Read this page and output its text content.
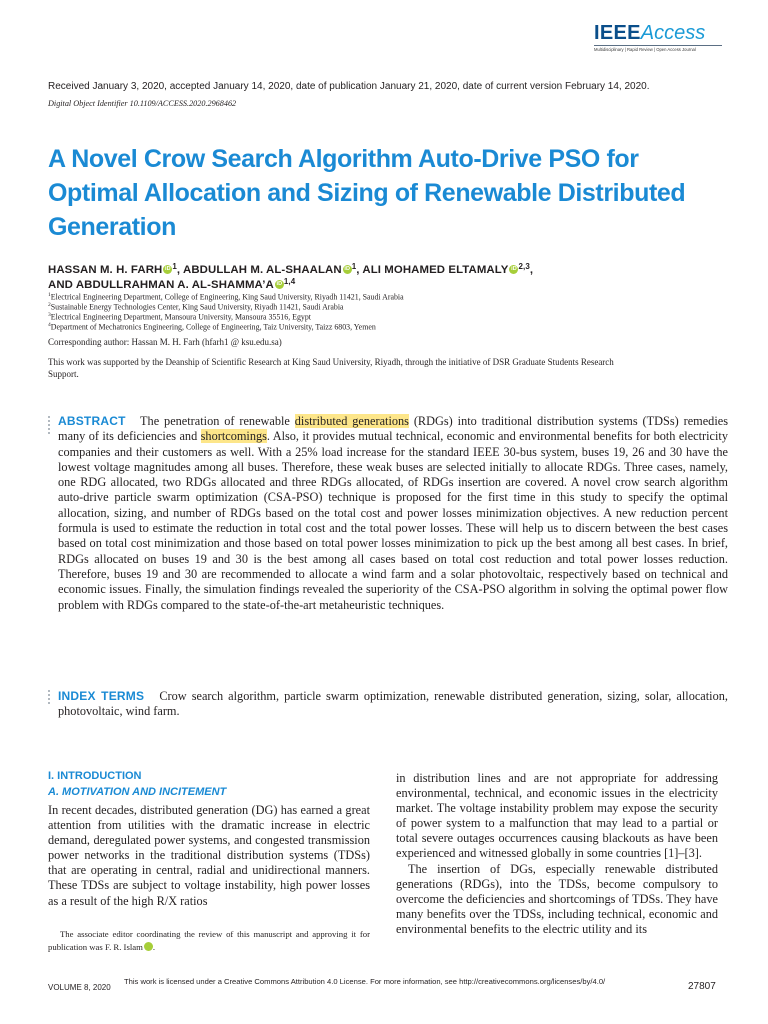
IEEEAccess
Multidisciplinary | Rapid Review | Open Access Journal
Received January 3, 2020, accepted January 14, 2020, date of publication January 21, 2020, date of current version February 14, 2020.
Digital Object Identifier 10.1109/ACCESS.2020.2968462
A Novel Crow Search Algorithm Auto-Drive PSO for Optimal Allocation and Sizing of Renewable Distributed Generation
HASSAN M. H. FARH iD $^1$, ABDULLAH M. AL-SHAALAN iD $^1$, ALI MOHAMED ELTAMALY iD $^{2,3}$,
AND ABDULLRAHMAN A. AL-SHAMMA’A iD $^{1,4}$
$^1$Electrical Engineering Department, College of Engineering, King Saud University, Riyadh 11421, Saudi Arabia
$^2$Sustainable Energy Technologies Center, King Saud University, Riyadh 11421, Saudi Arabia
$^3$Electrical Engineering Department, Mansoura University, Mansoura 35516, Egypt
$^4$Department of Mechatronics Engineering, College of Engineering, Taiz University, Taizz 6803, Yemen
Corresponding author: Hassan M. H. Farh (hfarh1 @ ksu.edu.sa)
This work was supported by the Deanship of Scientific Research at King Saud University, Riyadh, through the initiative of DSR Graduate Students Research Support.

ABSTRACT The penetration of renewable distributed generations (RDGs) into traditional distribution systems (TDSs) remedies many of its deficiencies and shortcomings. Also, it provides mutual technical, economic and environmental benefits for both electricity companies and their customers as well. With a 25% load increase for the standard IEEE 30-bus system, buses 19, 26 and 30 have the lowest voltage magnitudes among all buses. Therefore, these weak buses are selected initially to allocate RDGs. Three cases, namely, one RDG allocated, two RDGs allocated and three RDGs allocated, of RDGs insertion are covered. A novel crow search algorithm auto-drive particle swarm optimization (CSA-PSO) technique is proposed for the first time in this study to specify the optimal allocation, sizing, and number of RDGs based on the total cost and power losses minimization objectives. A new reduction percent formula is used to estimate the reduction in total cost and the total power losses. These will help us to discern between the best cases based on total cost minimization and those based on total power losses minimization to pick up the best among all best cases. In brief, RDGs allocated on buses 19 and 30 is the best among all cases based on total cost reduction and total power losses reduction. Therefore, buses 19 and 30 are recommended to allocate a wind farm and a solar photovoltaic, respectively based on technical and economic issues. Finally, the simulation findings revealed the superiority of the CSA-PSO algorithm in solving the optimal power flow problem with RDGs compared to the state-of-the-art metaheuristic techniques.

INDEX TERMS Crow search algorithm, particle swarm optimization, renewable distributed generation, sizing, solar, allocation, photovoltaic, wind farm.

I. INTRODUCTION
A. MOTIVATION AND INCITEMENT
In recent decades, distributed generation (DG) has earned a great attention from utilities with the dramatic increase in electric demand, deregulated power systems, and congested transmission power networks in the traditional distribution systems (TDSs) that are operating in central, radial and unidirectional manners. These TDSs are subject to voltage instability, high power losses as a result of the high R/X ratios
in distribution lines and are not appropriate for addressing environmental, technical, and economic issues in the electricity market. The voltage instability problem may expose the security of power system to a malfunction that may lead to a partial or total severe outages occurrences causing blackouts as have been experienced and witnessed globally in some countries [1]–[3].
The insertion of DGs, especially renewable distributed generations (RDGs), into the TDSs, become compulsory to overcome the deficiencies and shortcomings of TDSs. They have many benefits over the TDSs, including technical, economic and environmental benefits to the electric utility and its
The associate editor coordinating the review of this manuscript and approving it for publication was F. R. Islam iD.
VOLUME 8, 2020
This work is licensed under a Creative Commons Attribution 4.0 License. For more information, see http://creativecommons.org/licenses/by/4.0/	27807
